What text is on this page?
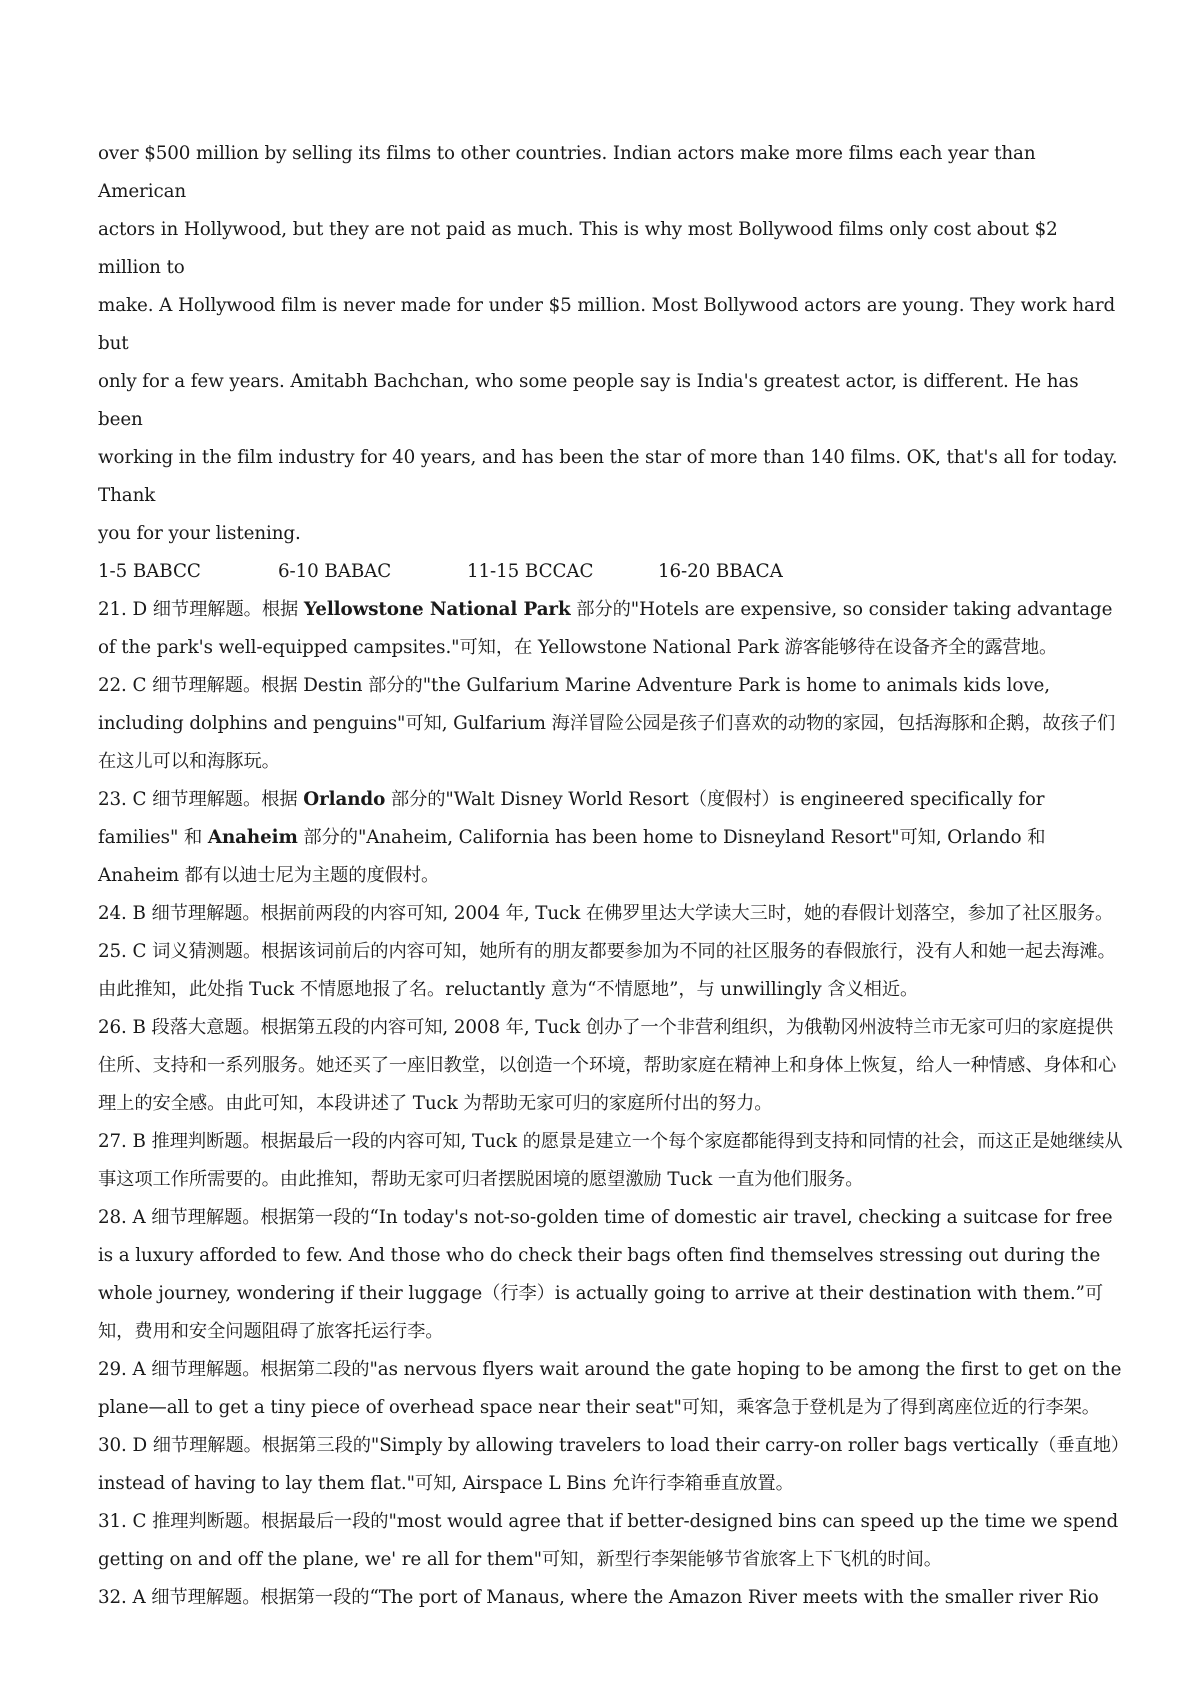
over $500 million by selling its films to other countries. Indian actors make more films each year than American
actors in Hollywood, but they are not paid as much. This is why most Bollywood films only cost about $2 million to
make. A Hollywood film is never made for under $5 million. Most Bollywood actors are young. They work hard but
only for a few years. Amitabh Bachchan, who some people say is India's greatest actor, is different. He has been
working in the film industry for 40 years, and has been the star of more than 140 films. OK, that's all for today. Thank
you for your listening.
1-5 BABCC	6-10 BABAC	11-15 BCCAC	16-20 BBACA

21. D 细节理解题。根据 Yellowstone National Park 部分的"Hotels are expensive, so consider taking advantage of the park's well-equipped campsites."可知，在 Yellowstone National Park 游客能够待在设备齐全的露营地。

22. C 细节理解题。根据 Destin 部分的"the Gulfarium Marine Adventure Park is home to animals kids love, including dolphins and penguins"可知, Gulfarium 海洋冒险公园是孩子们喜欢的动物的家园，包括海豚和企鹅，故孩子们在这儿可以和海豚玩。

23. C 细节理解题。根据 Orlando 部分的"Walt Disney World Resort（度假村）is engineered specifically for families" 和 Anaheim 部分的"Anaheim, California has been home to Disneyland Resort"可知, Orlando 和 Anaheim 都有以迪士尼为主题的度假村。

24. B 细节理解题。根据前两段的内容可知, 2004 年, Tuck 在佛罗里达大学读大三时，她的春假计划落空，参加了社区服务。

25. C 词义猜测题。根据该词前后的内容可知，她所有的朋友都要参加为不同的社区服务的春假旅行，没有人和她一起去海滩。由此推知，此处指 Tuck 不情愿地报了名。reluctantly 意为“不情愿地”，与 unwillingly 含义相近。

26. B 段落大意题。根据第五段的内容可知, 2008 年, Tuck 创办了一个非营利组织，为俄勒冈州波特兰市无家可归的家庭提供住所、支持和一系列服务。她还买了一座旧教堂，以创造一个环境，帮助家庭在精神上和身体上恢复，给人一种情感、身体和心理上的安全感。由此可知，本段讲述了 Tuck 为帮助无家可归的家庭所付出的努力。

27. B 推理判断题。根据最后一段的内容可知, Tuck 的愿景是建立一个每个家庭都能得到支持和同情的社会，而这正是她继续从事这项工作所需要的。由此推知，帮助无家可归者摆脱困境的愿望激励 Tuck 一直为他们服务。

28. A 细节理解题。根据第一段的“In today's not-so-golden time of domestic air travel, checking a suitcase for free is a luxury afforded to few. And those who do check their bags often find themselves stressing out during the whole journey, wondering if their luggage（行李）is actually going to arrive at their destination with them.”可知，费用和安全问题阻碍了旅客托运行李。

29. A 细节理解题。根据第二段的"as nervous flyers wait around the gate hoping to be among the first to get on the plane—all to get a tiny piece of overhead space near their seat"可知，乘客急于登机是为了得到离座位近的行李架。

30. D 细节理解题。根据第三段的"Simply by allowing travelers to load their carry-on roller bags vertically（垂直地）instead of having to lay them flat."可知, Airspace L Bins 允许行李箱垂直放置。

31. C 推理判断题。根据最后一段的"most would agree that if better-designed bins can speed up the time we spend getting on and off the plane, we' re all for them"可知，新型行李架能够节省旅客上下飞机的时间。

32. A 细节理解题。根据第一段的“The port of Manaus, where the Amazon River meets with the smaller river Rio
